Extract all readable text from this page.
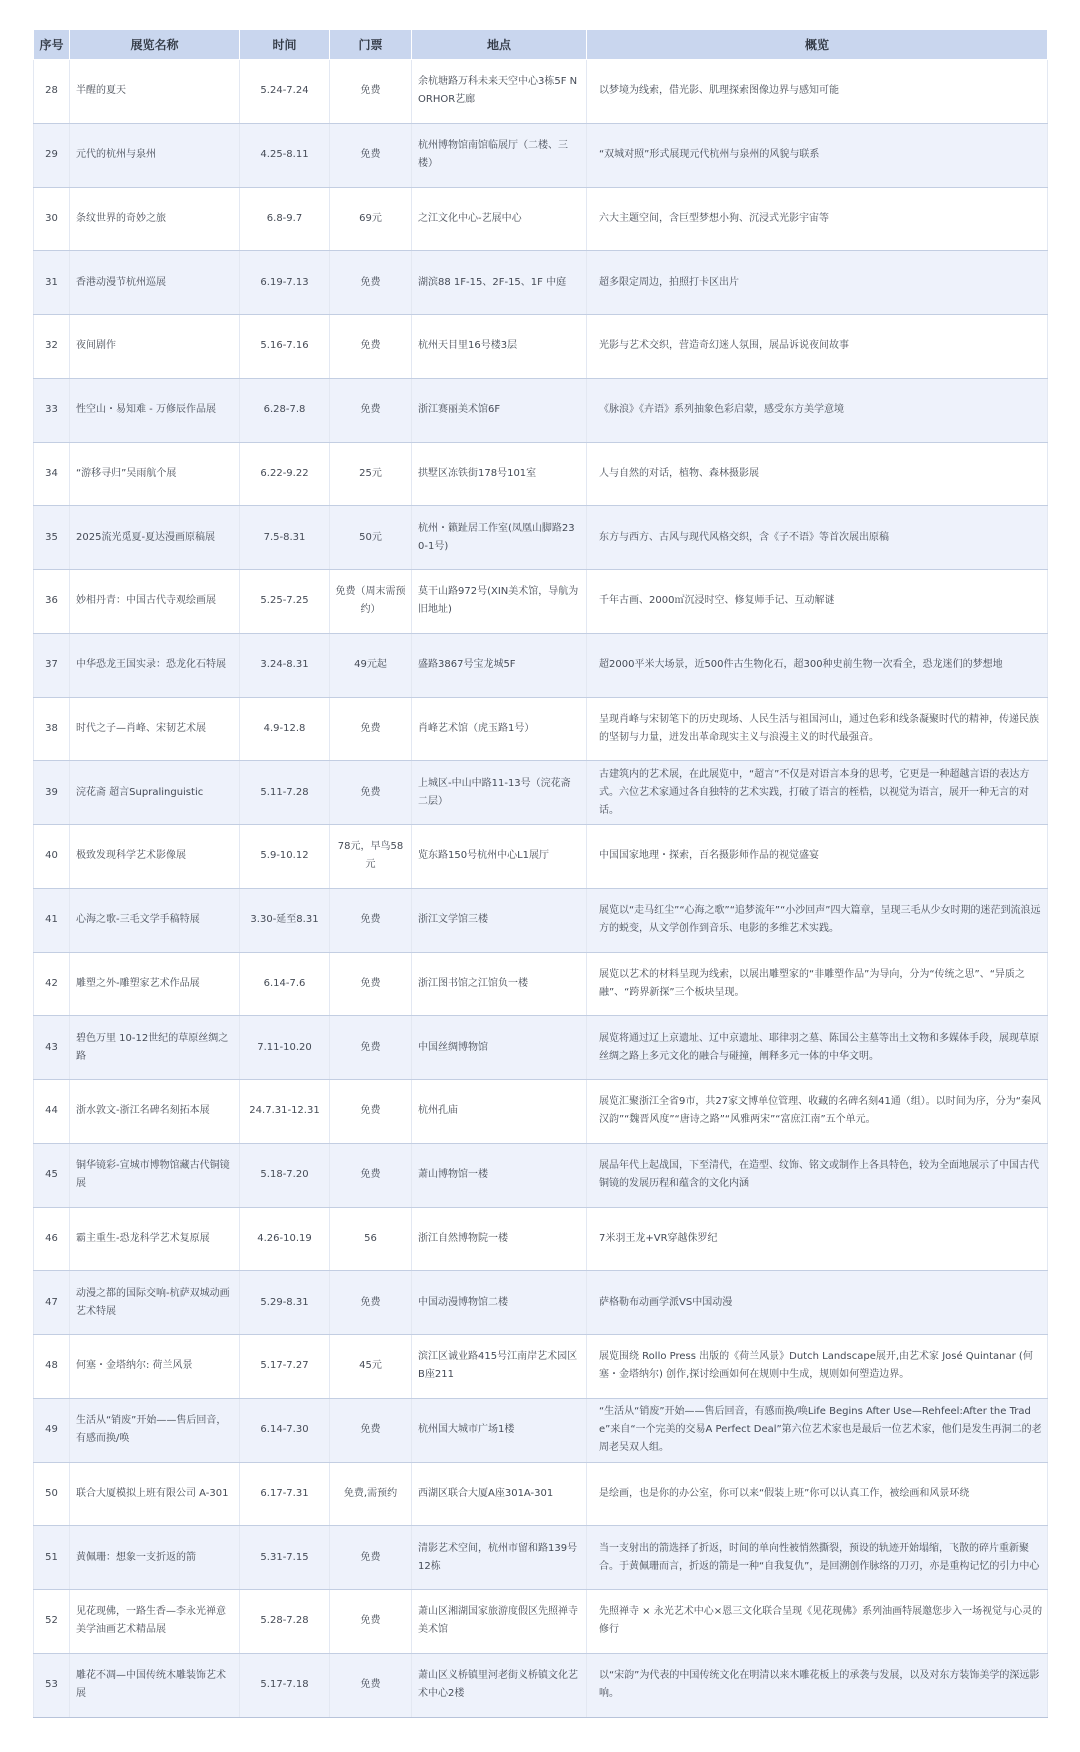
序号	展览名称	时间	门票	地点	概览
28	半醒的夏天	5.24-7.24	免费	余杭塘路万科未来天空中心3栋5F NORHOR艺廊	以梦境为线索，借光影、肌理探索图像边界与感知可能
29	元代的杭州与泉州	4.25-8.11	免费	杭州博物馆南馆临展厅（二楼、三楼）	“双城对照”形式展现元代杭州与泉州的风貌与联系
30	条纹世界的奇妙之旅	6.8-9.7	69元	之江文化中心-艺展中心	六大主题空间，含巨型梦想小狗、沉浸式光影宇宙等
31	香港动漫节杭州巡展	6.19-7.13	免费	湖滨88 1F-15、2F-15、1F 中庭	超多限定周边，拍照打卡区出片
32	夜间剧作	5.16-7.16	免费	杭州天目里16号楼3层	光影与艺术交织，营造奇幻迷人氛围，展品诉说夜间故事
33	性空山・易知难 - 万修辰作品展	6.28-7.8	免费	浙江赛丽美术馆6F	《脉浪》《卉语》系列抽象色彩启蒙，感受东方美学意境
34	“游移寻归”吴雨航个展	6.22-9.22	25元	拱墅区冻铁街178号101室	人与自然的对话，植物、森林摄影展
35	2025流光觅夏-夏达漫画原稿展	7.5-8.31	50元	杭州・籁趾居工作室(凤凰山脚路230-1号)	东方与西方、古风与现代风格交织，含《子不语》等首次展出原稿
36	妙相丹青：中国古代寺观绘画展	5.25-7.25	免费（周末需预约）	莫干山路972号(XIN美术馆，导航为旧地址)	千年古画、2000㎡沉浸时空、修复师手记、互动解谜
37	中华恐龙王国实录：恐龙化石特展	3.24-8.31	49元起	盛路3867号宝龙城5F	超2000平米大场景，近500件古生物化石，超300种史前生物一次看全，恐龙迷们的梦想地
38	时代之子—肖峰、宋韧艺术展	4.9-12.8	免费	肖峰艺术馆（虎玉路1号）	呈现肖峰与宋韧笔下的历史现场、人民生活与祖国河山，通过色彩和线条凝聚时代的精神，传递民族的坚韧与力量，迸发出革命现实主义与浪漫主义的时代最强音。
39	浣花斋 超言Supralinguistic	5.11-7.28	免费	上城区-中山中路11-13号（浣花斋二层）	古建筑内的艺术展，在此展览中，“超言”不仅是对语言本身的思考，它更是一种超越言语的表达方式。六位艺术家通过各自独特的艺术实践，打破了语言的桎梏，以视觉为语言，展开一种无言的对话。
40	极致发现科学艺术影像展	5.9-10.12	78元，早鸟58元	览东路150号杭州中心L1展厅	中国国家地理・探索，百名摄影师作品的视觉盛宴
41	心海之歌-三毛文学手稿特展	3.30-延至8.31	免费	浙江文学馆三楼	展览以“走马红尘”“心海之歌”“追梦流年”“小沙回声”四大篇章，呈现三毛从少女时期的迷茫到流浪远方的蜕变，从文学创作到音乐、电影的多维艺术实践。
42	雕塑之外-雕塑家艺术作品展	6.14-7.6	免费	浙江图书馆之江馆负一楼	展览以艺术的材料呈现为线索，以展出雕塑家的“非雕塑作品”为导向，分为“传统之思”、“异质之融”、“跨界新探”三个板块呈现。
43	碧色万里 10-12世纪的草原丝绸之路	7.11-10.20	免费	中国丝绸博物馆	展览将通过辽上京遗址、辽中京遗址、耶律羽之墓、陈国公主墓等出土文物和多媒体手段，展现草原丝绸之路上多元文化的融合与碰撞，阐释多元一体的中华文明。
44	浙水敦文-浙江名碑名刻拓本展	24.7.31-12.31	免费	杭州孔庙	展览汇聚浙江全省9市，共27家文博单位管理、收藏的名碑名刻41通（组）。以时间为序，分为“秦风汉韵”“魏晋风度”“唐诗之路”“风雅两宋”“富庶江南”五个单元。
45	铜华镜彩-宣城市博物馆藏古代铜镜展	5.18-7.20	免费	萧山博物馆一楼	展品年代上起战国，下至清代，在造型、纹饰、铭文或制作上各具特色，较为全面地展示了中国古代铜镜的发展历程和蕴含的文化内涵
46	霸主重生-恐龙科学艺术复原展	4.26-10.19	56	浙江自然博物院一楼	7米羽王龙+VR穿越侏罗纪
47	动漫之都的国际交响-杭萨双城动画艺术特展	5.29-8.31	免费	中国动漫博物馆二楼	萨格勒布动画学派VS中国动漫
48	何塞・金塔纳尔: 荷兰风景	5.17-7.27	45元	滨江区诚业路415号江南岸艺术园区B座211	展览围绕 Rollo Press 出版的《荷兰风景》Dutch Landscape展开,由艺术家 José Quintanar (何塞・金塔纳尔) 创作,探讨绘画如何在规则中生成，规则如何塑造边界。
49	生活从“销废”开始——售后回音，有感而换/唤	6.14-7.30	免费	杭州国大城市广场1楼	“生活从“销废”开始——售后回音，有感而换/唤Life Begins After Use—Rehfeel:After the Trade”来自“一个完美的交易A Perfect Deal”第六位艺术家也是最后一位艺术家，他们是发生再洞二的老周老吴双人组。
50	联合大厦模拟上班有限公司 A-301	6.17-7.31	免费,需预约	西湖区联合大厦A座301A-301	是绘画，也是你的办公室，你可以来“假装上班”你可以认真工作，被绘画和风景环绕
51	黄佩珊：想象一支折返的箭	5.31-7.15	免费	清影艺术空间，杭州市留和路139号12栋	当一支射出的箭选择了折返，时间的单向性被悄然撕裂，预设的轨迹开始塌缩，飞散的碎片重新聚合。于黄佩珊而言，折返的箭是一种“自我复仇”，是回溯创作脉络的刀刃，亦是重构记忆的引力中心
52	见花现佛，一路生香—李永光禅意美学油画艺术精品展	5.28-7.28	免费	萧山区湘湖国家旅游度假区先照禅寺美术馆	先照禅寺 × 永光艺术中心×恩三文化联合呈现《见花现佛》系列油画特展邀您步入一场视觉与心灵的修行
53	雕花不凋—中国传统木雕装饰艺术展	5.17-7.18	免费	萧山区义桥镇里河老街义桥镇文化艺术中心2楼	以“宋韵”为代表的中国传统文化在明清以来木雕花板上的承袭与发展，以及对东方装饰美学的深远影响。
